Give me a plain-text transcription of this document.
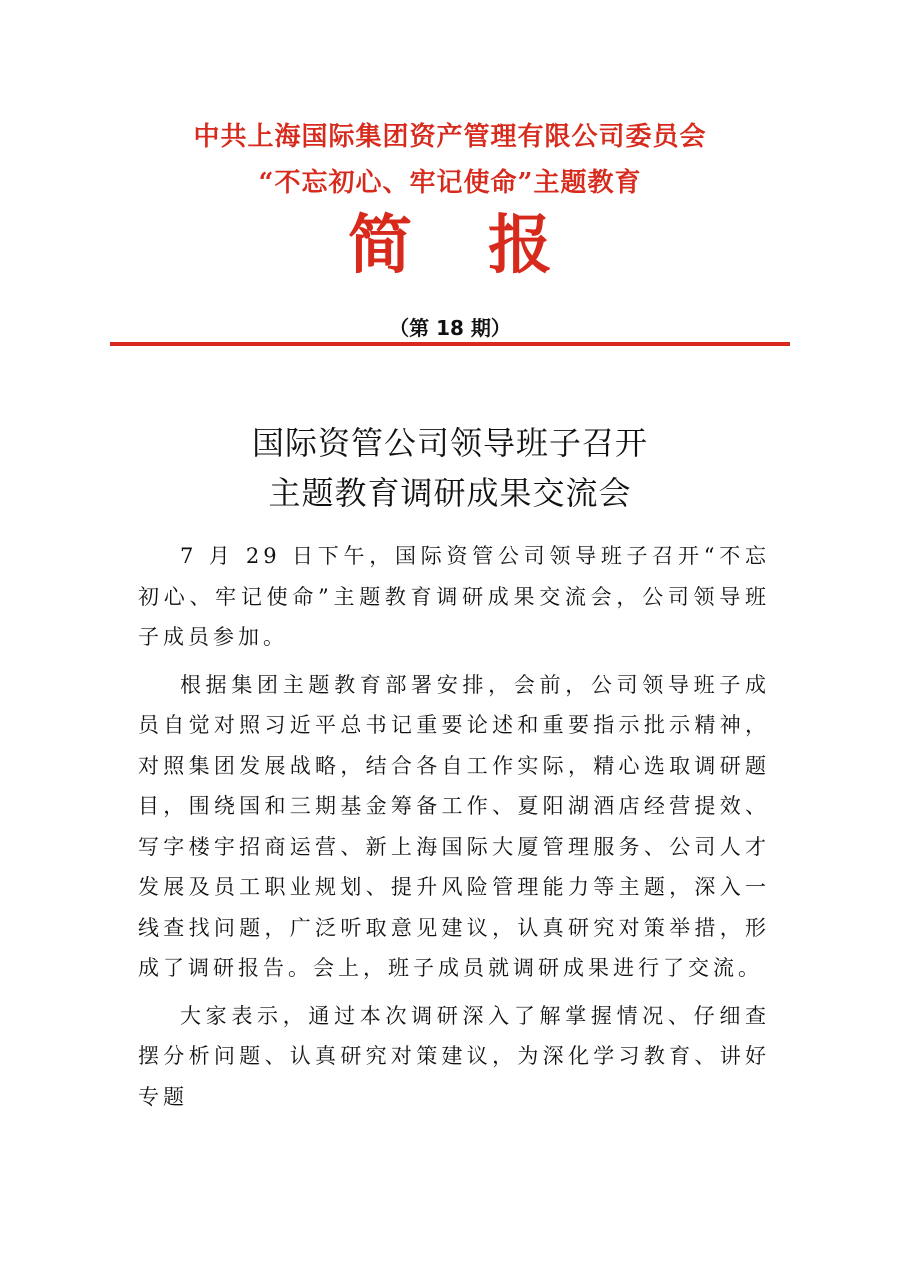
中共上海国际集团资产管理有限公司委员会
“不忘初心、牢记使命”主题教育
简 报
（第 18 期）
国际资管公司领导班子召开
主题教育调研成果交流会

7 月 29 日下午，国际资管公司领导班子召开“不忘初心、牢记使命”主题教育调研成果交流会，公司领导班子成员参加。

根据集团主题教育部署安排，会前，公司领导班子成员自觉对照习近平总书记重要论述和重要指示批示精神，对照集团发展战略，结合各自工作实际，精心选取调研题目，围绕国和三期基金筹备工作、夏阳湖酒店经营提效、写字楼宇招商运营、新上海国际大厦管理服务、公司人才发展及员工职业规划、提升风险管理能力等主题，深入一线查找问题，广泛听取意见建议，认真研究对策举措，形成了调研报告。会上，班子成员就调研成果进行了交流。

大家表示，通过本次调研深入了解掌握情况、仔细查摆分析问题、认真研究对策建议，为深化学习教育、讲好专题
